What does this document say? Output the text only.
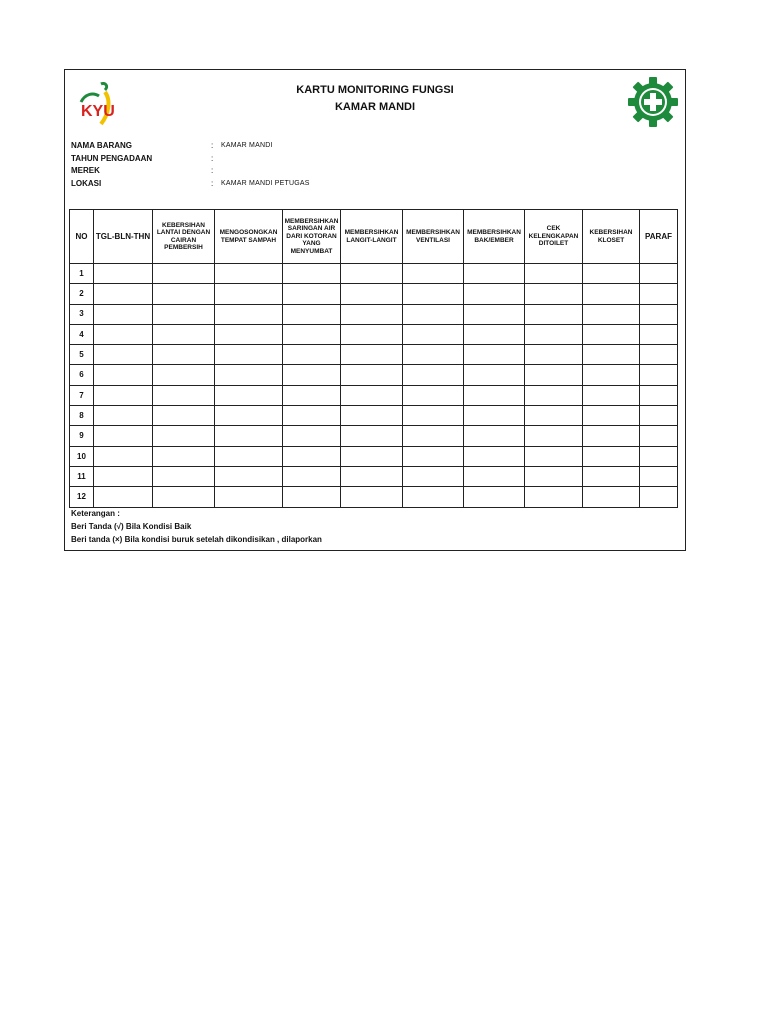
KYU
KARTU MONITORING FUNGSI
KAMAR MANDI
NAMA BARANG	: KAMAR MANDI
TAHUN PENGADAAN	:
MEREK	:
LOKASI	: KAMAR MANDI PETUGAS
NO	TGL-BLN-THN	KEBERSIHAN LANTAI DENGAN CAIRAN PEMBERSIH	MENGOSONGKAN TEMPAT SAMPAH	MEMBERSIHKAN SARINGAN AIR DARI KOTORAN YANG MENYUMBAT	MEMBERSIHKAN LANGIT-LANGIT	MEMBERSIHKAN VENTILASI	MEMBERSIHKAN BAK/EMBER	CEK KELENGKAPAN DITOILET	KEBERSIHAN KLOSET	PARAF
1										
2										
3										
4										
5										
6										
7										
8										
9										
10										
11										
12										
Keterangan :
Beri Tanda (√) Bila Kondisi Baik
Beri tanda (×) Bila kondisi buruk setelah dikondisikan , dilaporkan
